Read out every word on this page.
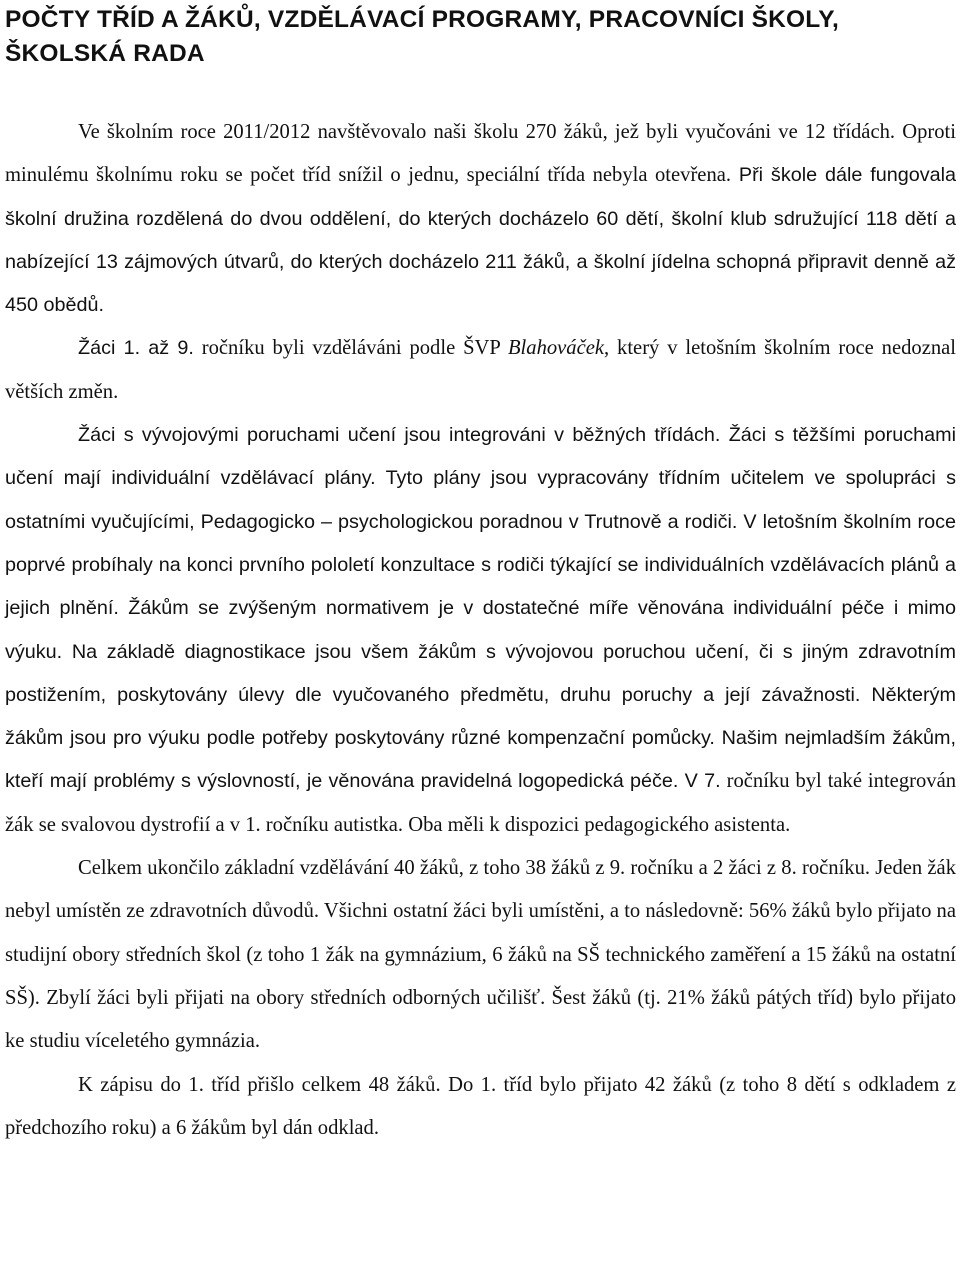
POČTY TŘÍD A ŽÁKŮ, VZDĚLÁVACÍ PROGRAMY, PRACOVNÍCI ŠKOLY, ŠKOLSKÁ RADA

Ve školním roce 2011/2012 navštěvovalo naši školu 270 žáků, jež byli vyučováni ve 12 třídách. Oproti minulému školnímu roku se počet tříd snížil o jednu, speciální třída nebyla otevřena. Při škole dále fungovala školní družina rozdělená do dvou oddělení, do kterých docházelo 60 dětí, školní klub sdružující 118 dětí a nabízející 13 zájmových útvarů, do kterých docházelo 211 žáků, a školní jídelna schopná připravit denně až 450 obědů.

Žáci 1. až 9. ročníku byli vzděláváni podle ŠVP Blahováček, který v letošním školním roce nedoznal větších změn.

Žáci s vývojovými poruchami učení jsou integrováni v běžných třídách. Žáci s těžšími poruchami učení mají individuální vzdělávací plány. Tyto plány jsou vypracovány třídním učitelem ve spolupráci s ostatními vyučujícími, Pedagogicko – psychologickou poradnou v Trutnově a rodiči. V letošním školním roce poprvé probíhaly na konci prvního pololetí konzultace s rodiči týkající se individuálních vzdělávacích plánů a jejich plnění. Žákům se zvýšeným normativem je v dostatečné míře věnována individuální péče i mimo výuku. Na základě diagnostikace jsou všem žákům s vývojovou poruchou učení, či s jiným zdravotním postižením, poskytovány úlevy dle vyučovaného předmětu, druhu poruchy a její závažnosti. Některým žákům jsou pro výuku podle potřeby poskytovány různé kompenzační pomůcky. Našim nejmladším žákům, kteří mají problémy s výslovností, je věnována pravidelná logopedická péče. V 7. ročníku byl také integrován žák se svalovou dystrofií a v 1. ročníku autistka. Oba měli k dispozici pedagogického asistenta.

Celkem ukončilo základní vzdělávání 40 žáků, z toho 38 žáků z 9. ročníku a 2 žáci z 8. ročníku. Jeden žák nebyl umístěn ze zdravotních důvodů. Všichni ostatní žáci byli umístěni, a to následovně: 56% žáků bylo přijato na studijní obory středních škol (z toho 1 žák na gymnázium, 6 žáků na SŠ technického zaměření a 15 žáků na ostatní SŠ). Zbylí žáci byli přijati na obory středních odborných učilišť. Šest žáků (tj. 21% žáků pátých tříd) bylo přijato ke studiu víceletého gymnázia.

K zápisu do 1. tříd přišlo celkem 48 žáků. Do 1. tříd bylo přijato 42 žáků (z toho 8 dětí s odkladem z předchozího roku) a 6 žákům byl dán odklad.
